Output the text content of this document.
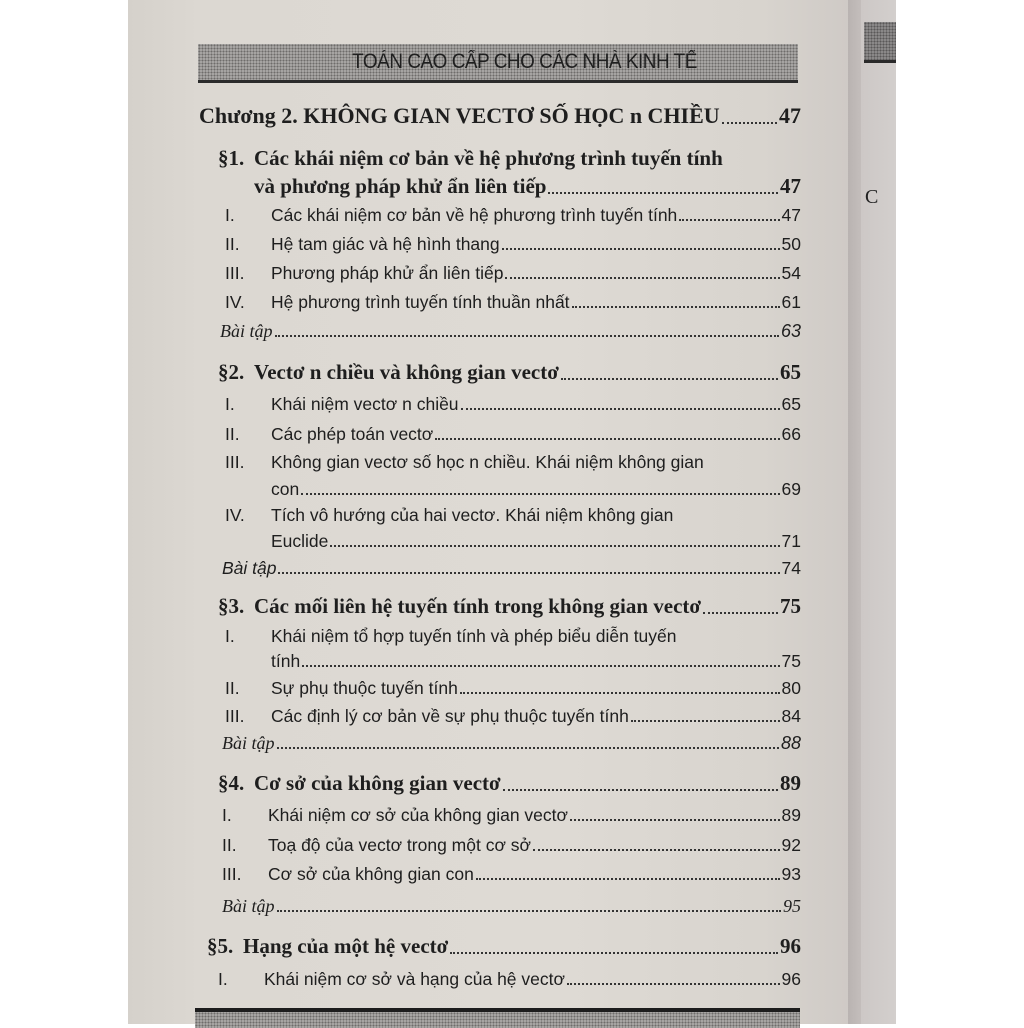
C
TOÁN CAO CẤP CHO CÁC NHÀ KINH TẾ
Chương 2. KHÔNG GIAN VECTƠ SỐ HỌC n CHIỀU	47
§1. Các khái niệm cơ bản về hệ phương trình tuyến tính
và phương pháp khử ẩn liên tiếp	47
I.	Các khái niệm cơ bản về hệ phương trình tuyến tính	47
II.	Hệ tam giác và hệ hình thang	50
III.	Phương pháp khử ẩn liên tiếp	54
IV.	Hệ phương trình tuyến tính thuần nhất	61
Bài tập	63
§2. Vectơ n chiều và không gian vectơ	65
I.	Khái niệm vectơ n chiều	65
II.	Các phép toán vectơ	66
III. Không gian vectơ số học n chiều. Khái niệm không gian
con	69
IV. Tích vô hướng của hai vectơ. Khái niệm không gian
Euclide	71
Bài tập	74
§3. Các mối liên hệ tuyến tính trong không gian vectơ	75
I. Khái niệm tổ hợp tuyến tính và phép biểu diễn tuyến
tính	75
II.	Sự phụ thuộc tuyến tính	80
III.	Các định lý cơ bản về sự phụ thuộc tuyến tính	84
Bài tập	88
§4. Cơ sở của không gian vectơ	89
I.	Khái niệm cơ sở của không gian vectơ	89
II.	Toạ độ của vectơ trong một cơ sở	92
III.	Cơ sở của không gian con	93
Bài tập	95
§5. Hạng của một hệ vectơ	96
I.	Khái niệm cơ sở và hạng của hệ vectơ	96
